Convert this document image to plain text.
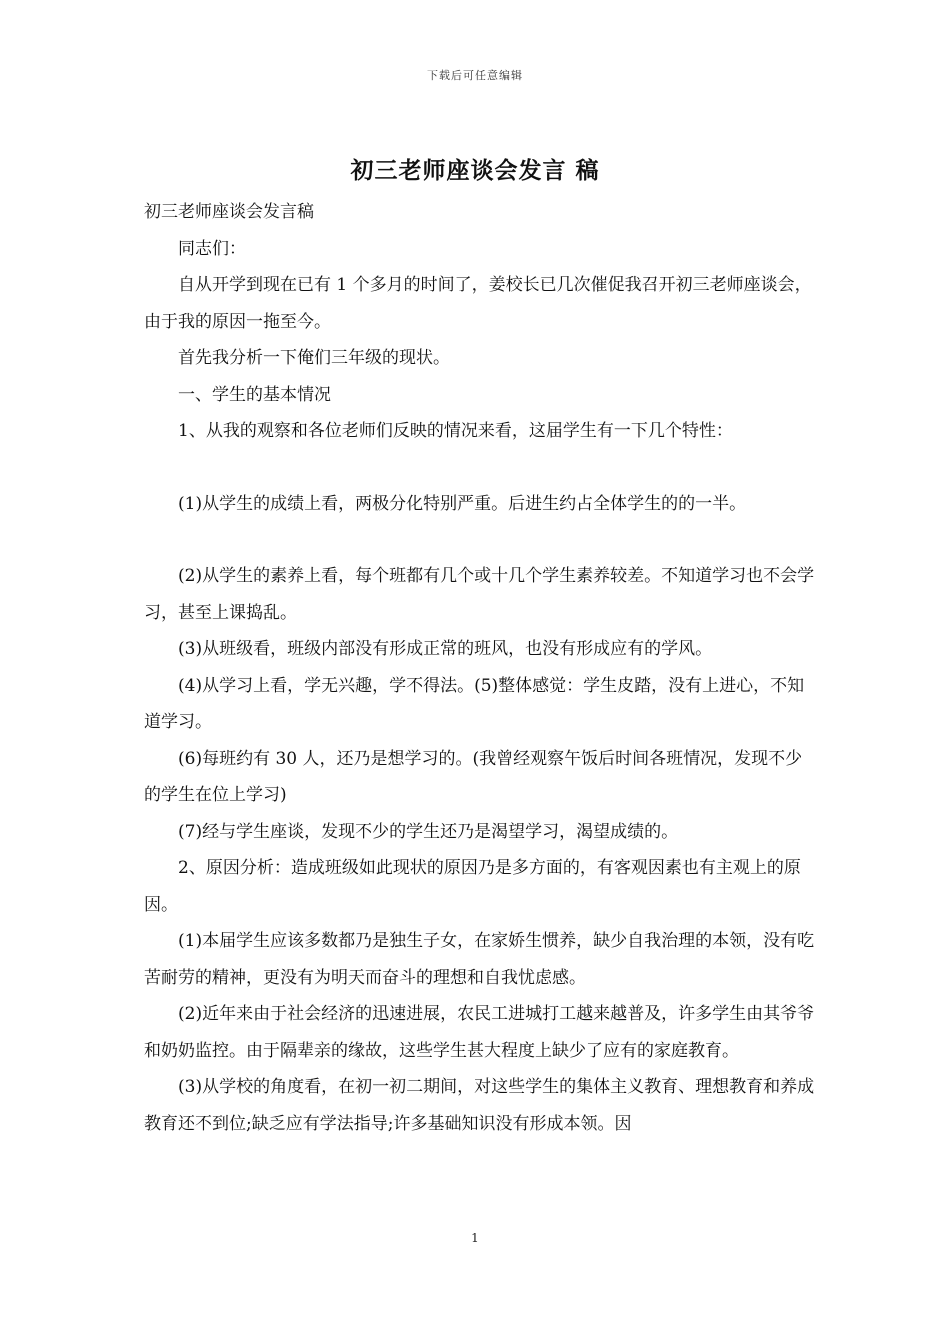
下载后可任意编辑
初三老师座谈会发言 稿

初三老师座谈会发言稿

同志们：

自从开学到现在已有 1 个多月的时间了，姜校长已几次催促我召开初三老师座谈会，由于我的原因一拖至今。

首先我分析一下俺们三年级的现状。

一、学生的基本情况

1、从我的观察和各位老师们反映的情况来看，这届学生有一下几个特性：

(1)从学生的成绩上看，两极分化特别严重。后进生约占全体学生的的一半。

(2)从学生的素养上看，每个班都有几个或十几个学生素养较差。不知道学习也不会学习，甚至上课捣乱。

(3)从班级看，班级内部没有形成正常的班风，也没有形成应有的学风。

(4)从学习上看，学无兴趣，学不得法。(5)整体感觉：学生皮踏，没有上进心，不知道学习。

(6)每班约有 30 人，还乃是想学习的。(我曾经观察午饭后时间各班情况，发现不少的学生在位上学习)

(7)经与学生座谈，发现不少的学生还乃是渴望学习，渴望成绩的。

2、原因分析：造成班级如此现状的原因乃是多方面的，有客观因素也有主观上的原因。

(1)本届学生应该多数都乃是独生子女，在家娇生惯养，缺少自我治理的本领，没有吃苦耐劳的精神，更没有为明天而奋斗的理想和自我忧虑感。

(2)近年来由于社会经济的迅速进展，农民工进城打工越来越普及，许多学生由其爷爷和奶奶监控。由于隔辈亲的缘故，这些学生甚大程度上缺少了应有的家庭教育。

(3)从学校的角度看，在初一初二期间，对这些学生的集体主义教育、理想教育和养成教育还不到位;缺乏应有学法指导;许多基础知识没有形成本领。因

1
